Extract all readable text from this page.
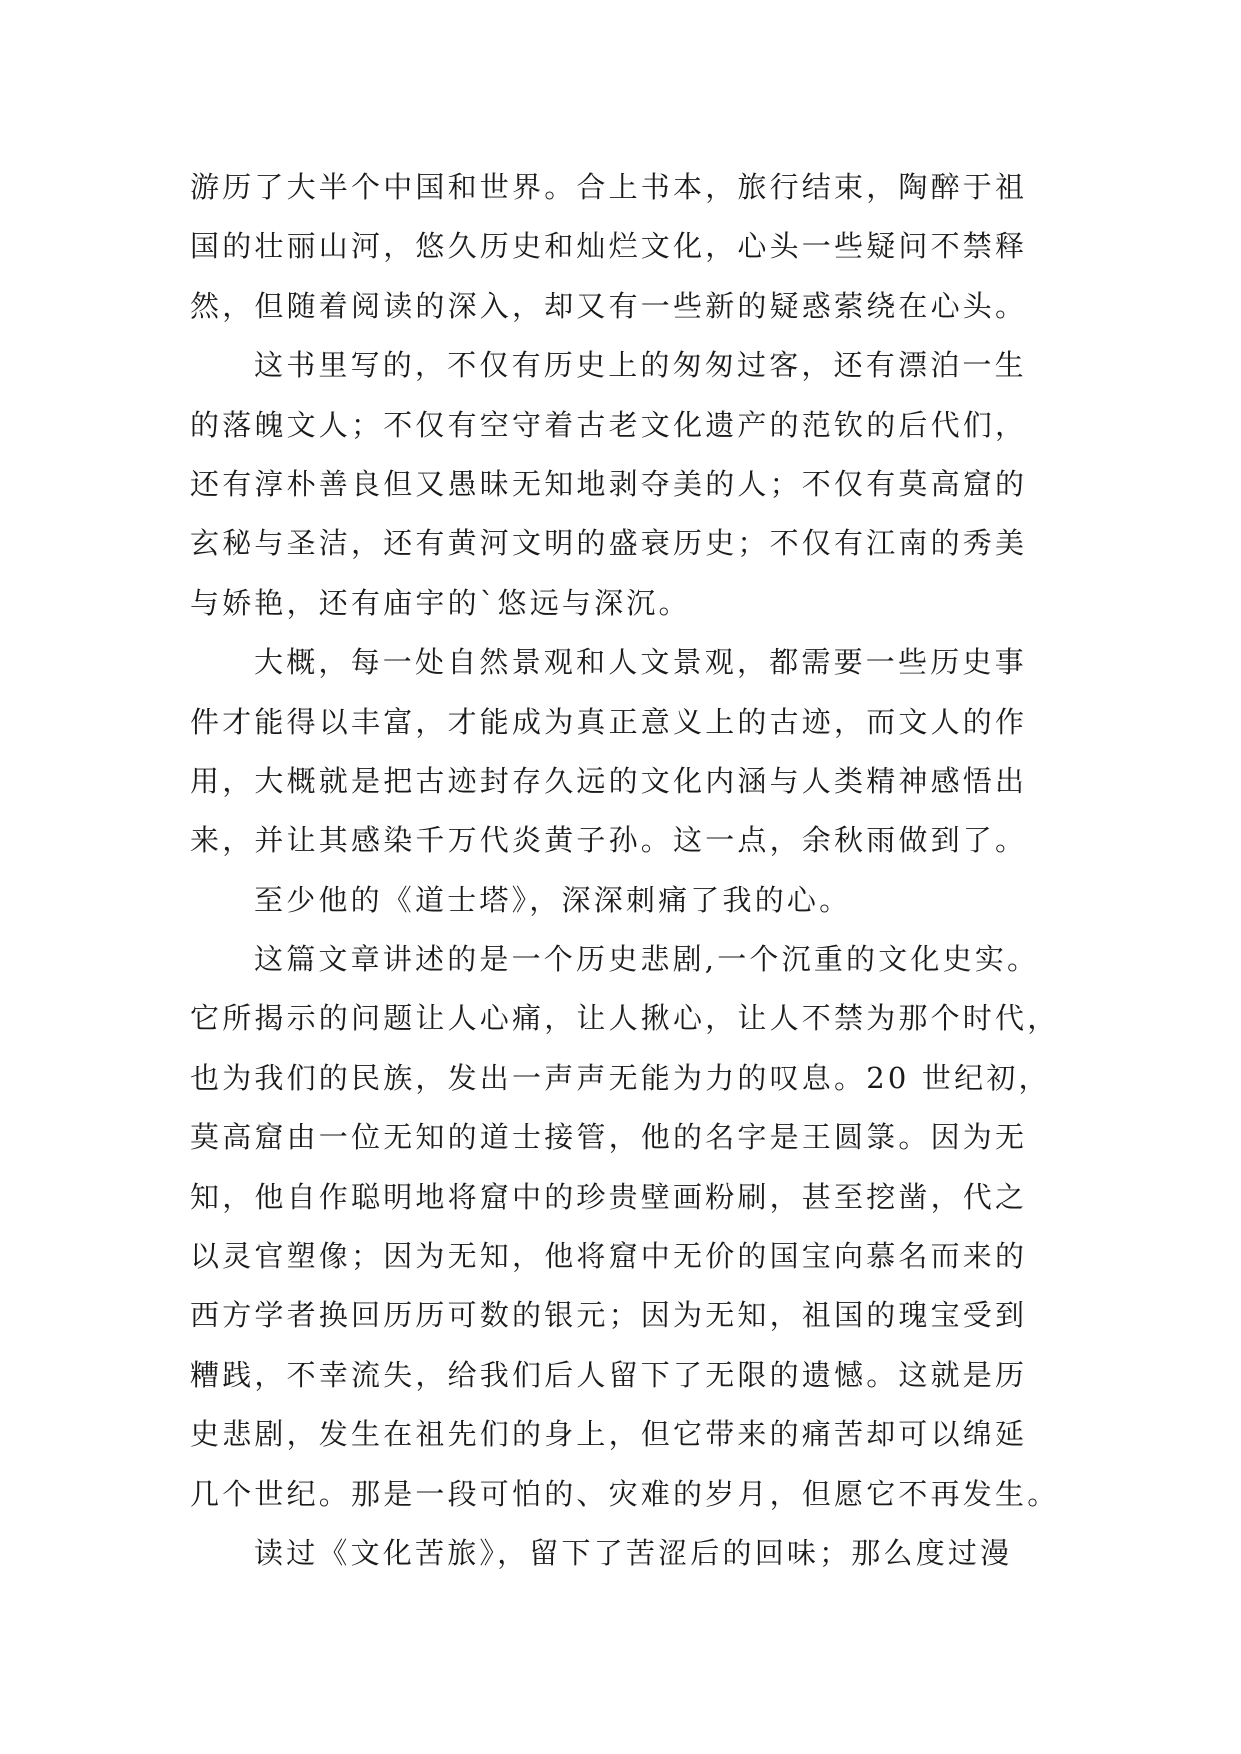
游历了大半个中国和世界。合上书本，旅行结束，陶醉于祖
国的壮丽山河，悠久历史和灿烂文化，心头一些疑问不禁释
然，但随着阅读的深入，却又有一些新的疑惑萦绕在心头。
这书里写的，不仅有历史上的匆匆过客，还有漂泊一生
的落魄文人；不仅有空守着古老文化遗产的范钦的后代们，
还有淳朴善良但又愚昧无知地剥夺美的人；不仅有莫高窟的
玄秘与圣洁，还有黄河文明的盛衰历史；不仅有江南的秀美
与娇艳，还有庙宇的`悠远与深沉。
大概，每一处自然景观和人文景观，都需要一些历史事
件才能得以丰富，才能成为真正意义上的古迹，而文人的作
用，大概就是把古迹封存久远的文化内涵与人类精神感悟出
来，并让其感染千万代炎黄子孙。这一点，余秋雨做到了。
至少他的《道士塔》，深深刺痛了我的心。
这篇文章讲述的是一个历史悲剧,一个沉重的文化史实。
它所揭示的问题让人心痛，让人揪心，让人不禁为那个时代，
也为我们的民族，发出一声声无能为力的叹息。20 世纪初，
莫高窟由一位无知的道士接管，他的名字是王圆箓。因为无
知，他自作聪明地将窟中的珍贵壁画粉刷，甚至挖凿，代之
以灵官塑像；因为无知，他将窟中无价的国宝向慕名而来的
西方学者换回历历可数的银元；因为无知，祖国的瑰宝受到
糟践，不幸流失，给我们后人留下了无限的遗憾。这就是历
史悲剧，发生在祖先们的身上，但它带来的痛苦却可以绵延
几个世纪。那是一段可怕的、灾难的岁月，但愿它不再发生。
读过《文化苦旅》，留下了苦涩后的回味；那么度过漫
